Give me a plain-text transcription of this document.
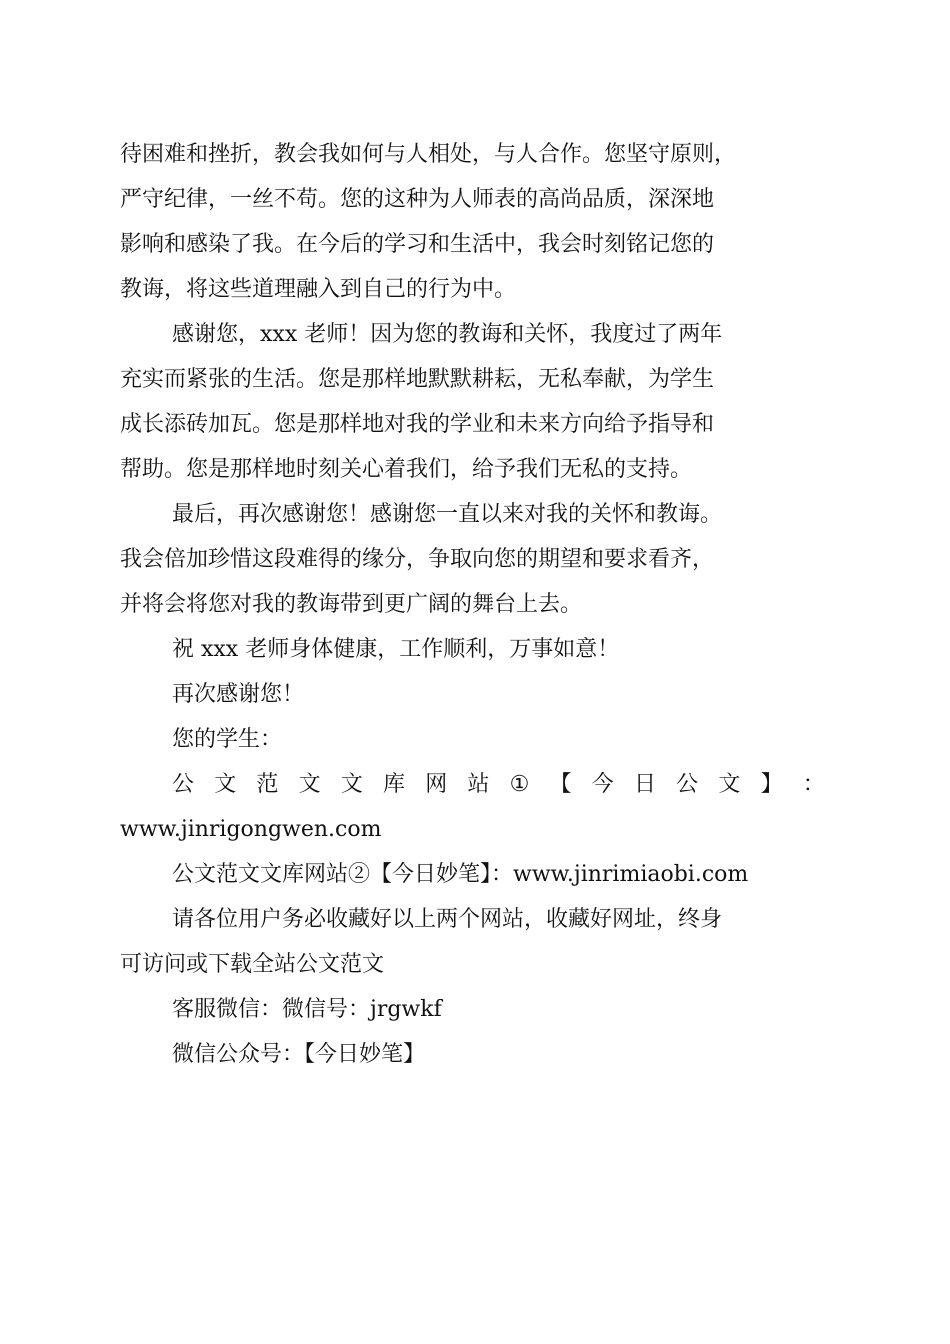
待困难和挫折，教会我如何与人相处，与人合作。您坚守原则，
严守纪律，一丝不苟。您的这种为人师表的高尚品质，深深地
影响和感染了我。在今后的学习和生活中，我会时刻铭记您的
教诲，将这些道理融入到自己的行为中。
感谢您，xxx 老师！因为您的教诲和关怀，我度过了两年
充实而紧张的生活。您是那样地默默耕耘，无私奉献，为学生
成长添砖加瓦。您是那样地对我的学业和未来方向给予指导和
帮助。您是那样地时刻关心着我们，给予我们无私的支持。
最后，再次感谢您！感谢您一直以来对我的关怀和教诲。
我会倍加珍惜这段难得的缘分，争取向您的期望和要求看齐，
并将会将您对我的教诲带到更广阔的舞台上去。
祝 xxx 老师身体健康，工作顺利，万事如意！
再次感谢您！
您的学生：
公 文 范 文 文 库 网 站 ① 【 今 日 公 文 】 ：
www.jinrigongwen.com
公文范文文库网站②【今日妙笔】：www.jinrimiaobi.com
请各位用户务必收藏好以上两个网站，收藏好网址，终身
可访问或下载全站公文范文
客服微信：微信号：jrgwkf
微信公众号：【今日妙笔】
